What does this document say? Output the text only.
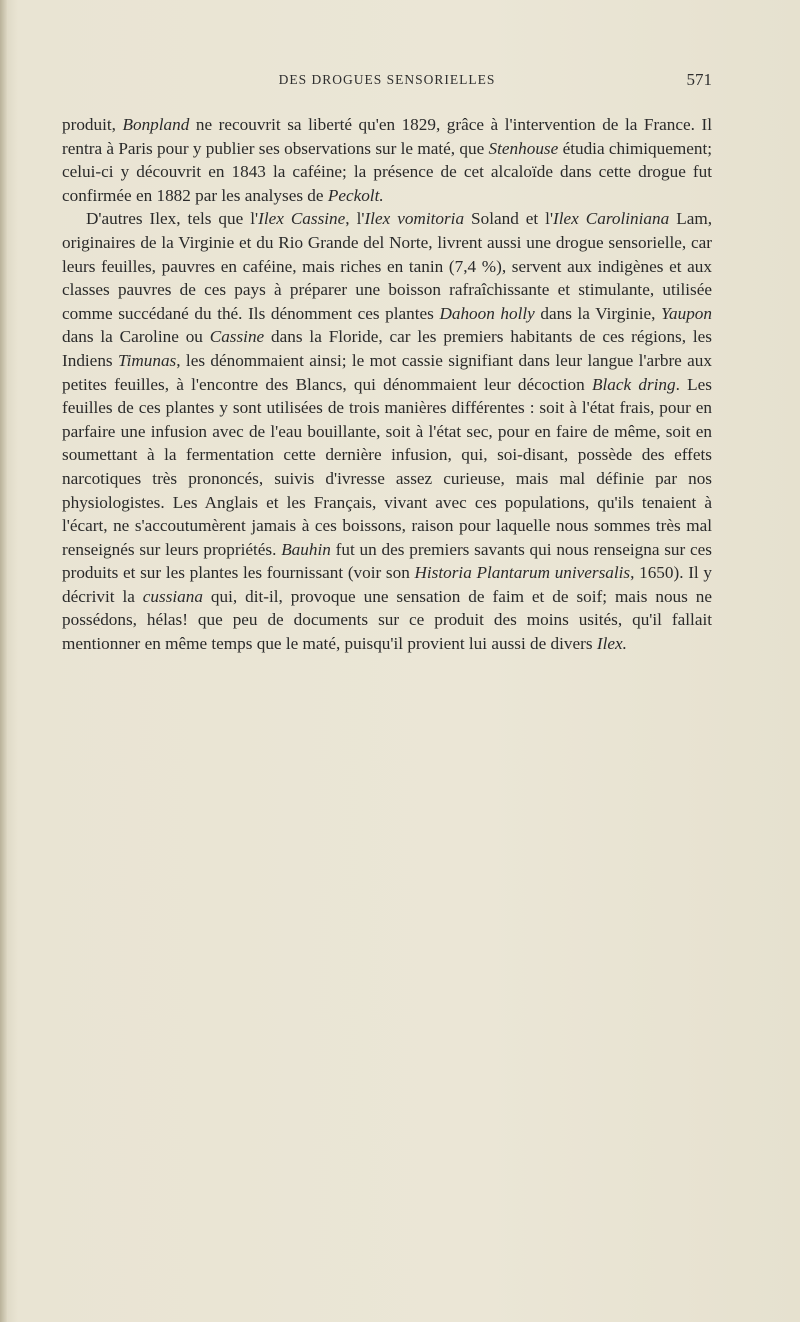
DES DROGUES SENSORIELLES	571

produit, Bonpland ne recouvrit sa liberté qu'en 1829, grâce à l'intervention de la France. Il rentra à Paris pour y publier ses observations sur le maté, que Stenhouse étudia chimiquement; celui-ci y découvrit en 1843 la caféine; la présence de cet alcaloïde dans cette drogue fut confirmée en 1882 par les analyses de Peckolt.

D'autres Ilex, tels que l'Ilex Cassine, l'Ilex vomitoria Soland et l'Ilex Caroliniana Lam, originaires de la Virginie et du Rio Grande del Norte, livrent aussi une drogue sensorielle, car leurs feuilles, pauvres en caféine, mais riches en tanin (7,4 %), servent aux indigènes et aux classes pauvres de ces pays à préparer une boisson rafraîchissante et stimulante, utilisée comme succédané du thé. Ils dénomment ces plantes Dahoon holly dans la Virginie, Yaupon dans la Caroline ou Cassine dans la Floride, car les premiers habitants de ces régions, les Indiens Timunas, les dénommaient ainsi; le mot cassie signifiant dans leur langue l'arbre aux petites feuilles, à l'encontre des Blancs, qui dénommaient leur décoction Black dring. Les feuilles de ces plantes y sont utilisées de trois manières différentes : soit à l'état frais, pour en parfaire une infusion avec de l'eau bouillante, soit à l'état sec, pour en faire de même, soit en soumettant à la fermentation cette dernière infusion, qui, soi-disant, possède des effets narcotiques très prononcés, suivis d'ivresse assez curieuse, mais mal définie par nos physiologistes. Les Anglais et les Français, vivant avec ces populations, qu'ils tenaient à l'écart, ne s'accoutumèrent jamais à ces boissons, raison pour laquelle nous sommes très mal renseignés sur leurs propriétés. Bauhin fut un des premiers savants qui nous renseigna sur ces produits et sur les plantes les fournissant (voir son Historia Plantarum universalis, 1650). Il y décrivit la cussiana qui, dit-il, provoque une sensation de faim et de soif; mais nous ne possédons, hélas! que peu de documents sur ce produit des moins usités, qu'il fallait mentionner en même temps que le maté, puisqu'il provient lui aussi de divers Ilex.
